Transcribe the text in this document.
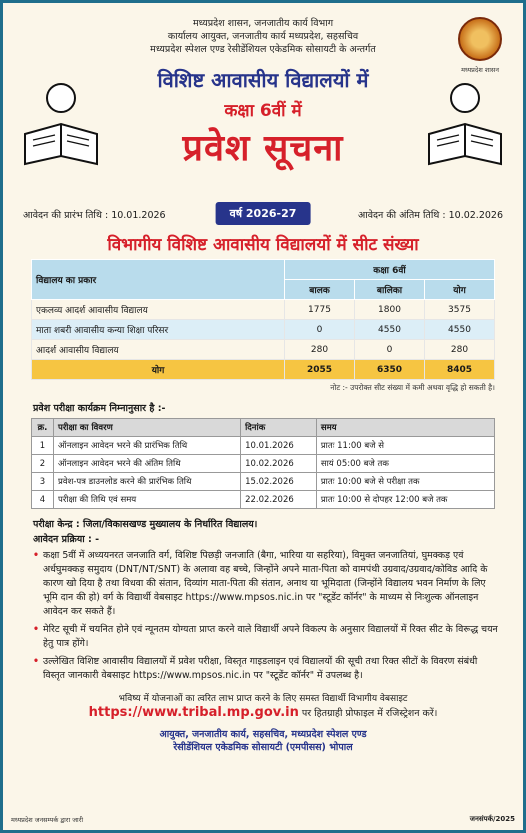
मध्यप्रदेश शासन, जनजातीय कार्य विभाग
कार्यालय आयुक्त, जनजातीय कार्य मध्यप्रदेश, सहसचिव
मध्यप्रदेश स्पेशल एण्ड रेसीडेंशियल एकेडमिक सोसायटी के अन्तर्गत
मध्यप्रदेश शासन
विशिष्ट आवासीय विद्यालयों में
कक्षा 6वीं में
प्रवेश सूचना
आवेदन की प्रारंभ तिथि : 10.01.2026	वर्ष 2026-27	आवेदन की अंतिम तिथि : 10.02.2026
विभागीय विशिष्ट आवासीय विद्यालयों में सीट संख्या
विद्यालय का प्रकार	कक्षा 6वीं		
	बालक	बालिका	योग
एकलव्य आदर्श आवासीय विद्यालय	1775	1800	3575
माता शबरी आवासीय कन्या शिक्षा परिसर	0	4550	4550
आदर्श आवासीय विद्यालय	280	0	280
योग	2055	6350	8405
नोट :- उपरोक्त सीट संख्या में कमी अथवा वृद्धि हो सकती है।
प्रवेश परीक्षा कार्यक्रम निम्नानुसार है :-
क्र.	परीक्षा का विवरण	दिनांक	समय
1	ऑनलाइन आवेदन भरने की प्रारंभिक तिथि	10.01.2026	प्रातः 11:00 बजे से
2	ऑनलाइन आवेदन भरने की अंतिम तिथि	10.02.2026	सायं 05:00 बजे तक
3	प्रवेश-पत्र डाउनलोड करने की प्रारंभिक तिथि	15.02.2026	प्रातः 10:00 बजे से परीक्षा तक
4	परीक्षा की तिथि एवं समय	22.02.2026	प्रातः 10:00 से दोपहर 12:00 बजे तक
परीक्षा केन्द्र : जिला/विकासखण्ड मुख्यालय के निर्धारित विद्यालय।
आवेदन प्रक्रिया : -
• कक्षा 5वीं में अध्ययनरत जनजाति वर्ग, विशिष्ट पिछड़ी जनजाति (बैगा, भारिया या सहरिया), विमुक्त जनजातियां, घुमक्कड़ एवं अर्धघुमक्कड़ समुदाय (DNT/NT/SNT) के अलावा वह बच्चे, जिन्होंने अपने माता-पिता को वामपंथी उग्रवाद/उग्रवाद/कोविड आदि के कारण खो दिया है तथा विधवा की संतान, दिव्यांग माता-पिता की संतान, अनाथ या भूमिदाता (जिन्होंने विद्यालय भवन निर्माण के लिए भूमि दान की हो) वर्ग के विद्यार्थी वेबसाइट https://www.mpsos.nic.in पर "स्टूडेंट कॉर्नर" के माध्यम से निःशुल्क ऑनलाइन आवेदन कर सकते हैं।
• मेरिट सूची में चयनित होने एवं न्यूनतम योग्यता प्राप्त करने वाले विद्यार्थी अपने विकल्प के अनुसार विद्यालयों में रिक्त सीट के विरूद्ध चयन हेतु पात्र होंगे।
• उल्लेखित विशिष्ट आवासीय विद्यालयों में प्रवेश परीक्षा, विस्तृत गाइडलाइन एवं विद्यालयों की सूची तथा रिक्त सीटों के विवरण संबंधी विस्तृत जानकारी वेबसाइट https://www.mpsos.nic.in पर "स्टूडेंट कॉर्नर" में उपलब्ध है।
भविष्य में योजनाओं का त्वरित लाभ प्राप्त करने के लिए समस्त विद्यार्थी विभागीय वेबसाइट
https://www.tribal.mp.gov.in पर हितग्राही प्रोफाइल में रजिस्ट्रेशन करें।
आयुक्त, जनजातीय कार्य, सहसचिव, मध्यप्रदेश स्पेशल एण्ड
रेसीडेंशियल एकेडमिक सोसायटी (एमपीसस) भोपाल
मध्यप्रदेश जनसम्पर्क द्वारा जारी	जनसंपर्क/2025
